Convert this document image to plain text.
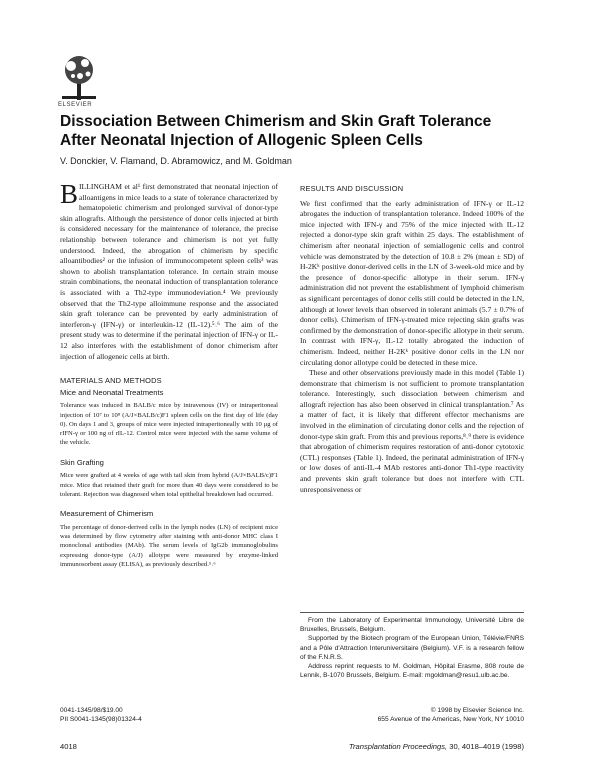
ELSEVIER
Dissociation Between Chimerism and Skin Graft Tolerance After Neonatal Injection of Allogenic Spleen Cells
V. Donckier, V. Flamand, D. Abramowicz, and M. Goldman

BILLINGHAM et al¹ first demonstrated that neonatal injection of alloantigens in mice leads to a state of tolerance characterized by hematopoietic chimerism and prolonged survival of donor-type skin allografts. Although the persistence of donor cells injected at birth is considered necessary for the maintenance of tolerance, the precise relationship between tolerance and chimerism is not yet fully understood. Indeed, the abrogation of chimerism by specific alloantibodies² or the infusion of immunocompetent spleen cells³ was shown to abolish transplantation tolerance. In certain strain mouse strain combinations, the neonatal induction of transplantation tolerance is associated with a Th2-type immunodeviation.⁴ We previously observed that the Th2-type alloimmune response and the associated skin graft tolerance can be prevented by early administration of interferon-γ (IFN-γ) or interleukin-12 (IL-12).⁵˒⁶ The aim of the present study was to determine if the perinatal injection of IFN-γ or IL-12 also interferes with the establishment of donor chimerism after injection of allogeneic cells at birth.

MATERIALS AND METHODS
Mice and Neonatal Treatments

Tolerance was induced in BALB/c mice by intravenous (IV) or intraperitoneal injection of 10⁷ to 10⁸ (A/J×BALB/c)F1 spleen cells on the first day of life (day 0). On days 1 and 3, groups of mice were injected intraperitoneally with 10 μg of rIFN-γ or 100 ng of rIL-12. Control mice were injected with the same volume of the vehicle.

Skin Grafting

Mice were grafted at 4 weeks of age with tail skin from hybrid (A/J×BALB/c)F1 mice. Mice that retained their graft for more than 40 days were considered to be tolerant. Rejection was diagnosed when total epithelial breakdown had occurred.

Measurement of Chimerism

The percentage of donor-derived cells in the lymph nodes (LN) of recipient mice was determined by flow cytometry after staining with anti-donor MHC class I monoclonal antibodies (MAb). The serum levels of IgG2b immunoglobulins expressing donor-type (A/J) allotype were measured by enzyme-linked immunosorbent assay (ELISA), as previously described.⁵˒⁶

RESULTS AND DISCUSSION

We first confirmed that the early administration of IFN-γ or IL-12 abrogates the induction of transplantation tolerance. Indeed 100% of the mice injected with IFN-γ and 75% of the mice injected with IL-12 rejected a donor-type skin graft within 25 days. The establishment of chimerism after neonatal injection of semiallogenic cells and control vehicle was demonstrated by the detection of 10.8 ± 2% (mean ± SD) of H-2Kᵏ positive donor-derived cells in the LN of 3-week-old mice and by the presence of donor-specific allotype in their serum. IFN-γ administration did not prevent the establishment of lymphoid chimerism as significant percentages of donor cells still could be detected in the LN, although at lower levels than observed in tolerant animals (5.7 ± 0.7% of donor cells). Chimerism of IFN-γ-treated mice rejecting skin grafts was confirmed by the demonstration of donor-specific allotype in their serum. In contrast with IFN-γ, IL-12 totally abrogated the induction of chimerism. Indeed, neither H-2Kᵏ positive donor cells in the LN nor circulating donor allotype could be detected in these mice.

These and other observations previously made in this model (Table 1) demonstrate that chimerism is not sufficient to promote transplantation tolerance. Interestingly, such dissociation between chimerism and allograft rejection has also been observed in clinical transplantation.⁷ As a matter of fact, it is likely that different effector mechanisms are involved in the elimination of circulating donor cells and the rejection of donor-type skin graft. From this and previous reports,⁸˒⁹ there is evidence that abrogation of chimerism requires restoration of anti-donor cytotoxic (CTL) responses (Table 1). Indeed, the perinatal administration of IFN-γ or low doses of anti-IL-4 MAb restores anti-donor Th1-type reactivity and prevents skin graft tolerance but does not interfere with CTL unresponsiveness or

From the Laboratory of Experimental Immunology, Université Libre de Bruxelles, Brussels, Belgium.

Supported by the Biotech program of the European Union, Télévie/FNRS and a Pôle d'Attraction Interuniversitaire (Belgium). V.F. is a research fellow of the F.N.R.S.

Address reprint requests to M. Goldman, Hôpital Erasme, 808 route de Lennik, B-1070 Brussels, Belgium. E-mail: mgoldman@resu1.ulb.ac.be.

0041-1345/98/$19.00
PII S0041-1345(98)01324-4
© 1998 by Elsevier Science Inc.
655 Avenue of the Americas, New York, NY 10010
4018	Transplantation Proceedings, 30, 4018–4019 (1998)
